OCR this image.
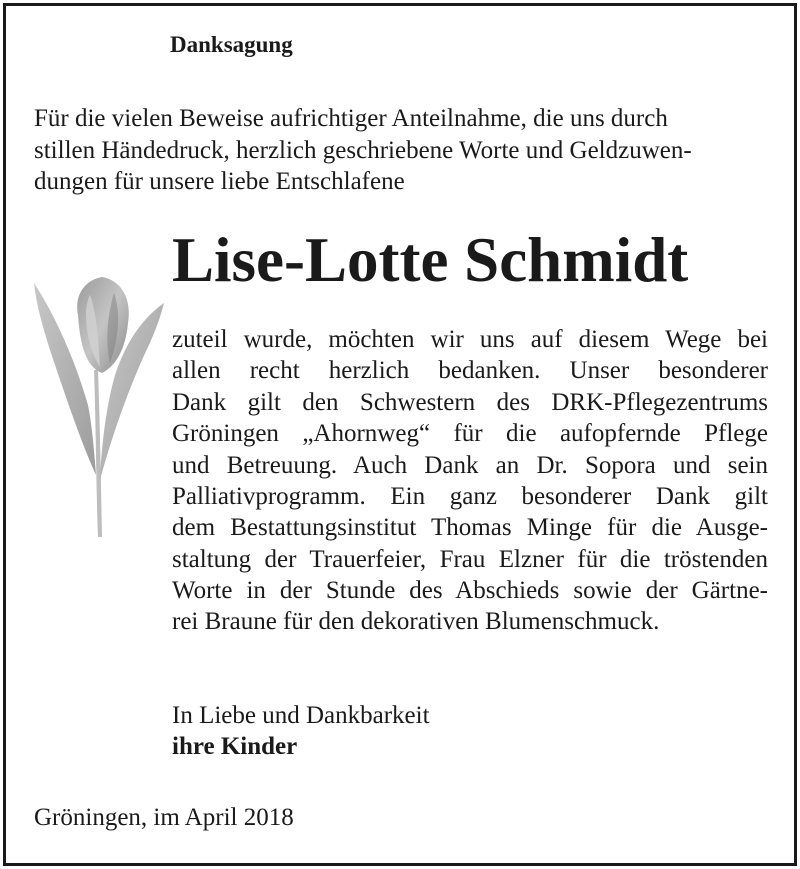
Danksagung
Für die vielen Beweise aufrichtiger Anteilnahme, die uns durch
stillen Händedruck, herzlich geschriebene Worte und Geldzuwen-
dungen für unsere liebe Entschlafene
Lise-Lotte Schmidt
zuteil wurde, möchten wir uns auf diesem Wege bei
allen recht herzlich bedanken. Unser besonderer
Dank gilt den Schwestern des DRK-Pflegezentrums
Gröningen „Ahornweg“ für die aufopfernde Pflege
und Betreuung. Auch Dank an Dr. Sopora und sein
Palliativprogramm. Ein ganz besonderer Dank gilt
dem Bestattungsinstitut Thomas Minge für die Ausge-
staltung der Trauerfeier, Frau Elzner für die tröstenden
Worte in der Stunde des Abschieds sowie der Gärtne-
rei Braune für den dekorativen Blumenschmuck.
In Liebe und Dankbarkeit
ihre Kinder
Gröningen, im April 2018
